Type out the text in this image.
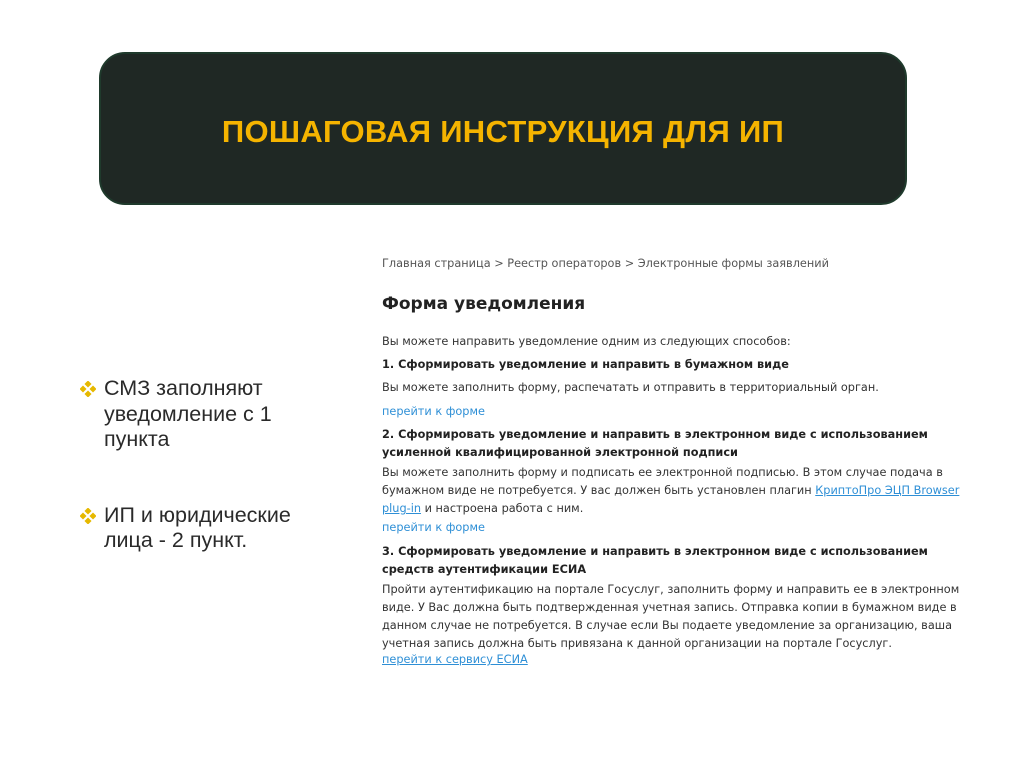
ПОШАГОВАЯ ИНСТРУКЦИЯ ДЛЯ ИП
СМЗ заполняют уведомление с 1 пункта
ИП и юридические лица - 2 пункт.
Главная страница > Реестр операторов > Электронные формы заявлений
Форма уведомления
Вы можете направить уведомление одним из следующих способов:
1. Сформировать уведомление и направить в бумажном виде
Вы можете заполнить форму, распечатать и отправить в территориальный орган.
перейти к форме
2. Сформировать уведомление и направить в электронном виде с использованием усиленной квалифицированной электронной подписи
Вы можете заполнить форму и подписать ее электронной подписью. В этом случае подача в бумажном виде не потребуется. У вас должен быть установлен плагин КриптоПро ЭЦП Browser plug-in и настроена работа с ним.
перейти к форме
3. Сформировать уведомление и направить в электронном виде с использованием средств аутентификации ЕСИА
Пройти аутентификацию на портале Госуслуг, заполнить форму и направить ее в электронном виде. У Вас должна быть подтвержденная учетная запись. Отправка копии в бумажном виде в данном случае не потребуется. В случае если Вы подаете уведомление за организацию, ваша учетная запись должна быть привязана к данной организации на портале Госуслуг.
перейти к сервису ЕСИА
